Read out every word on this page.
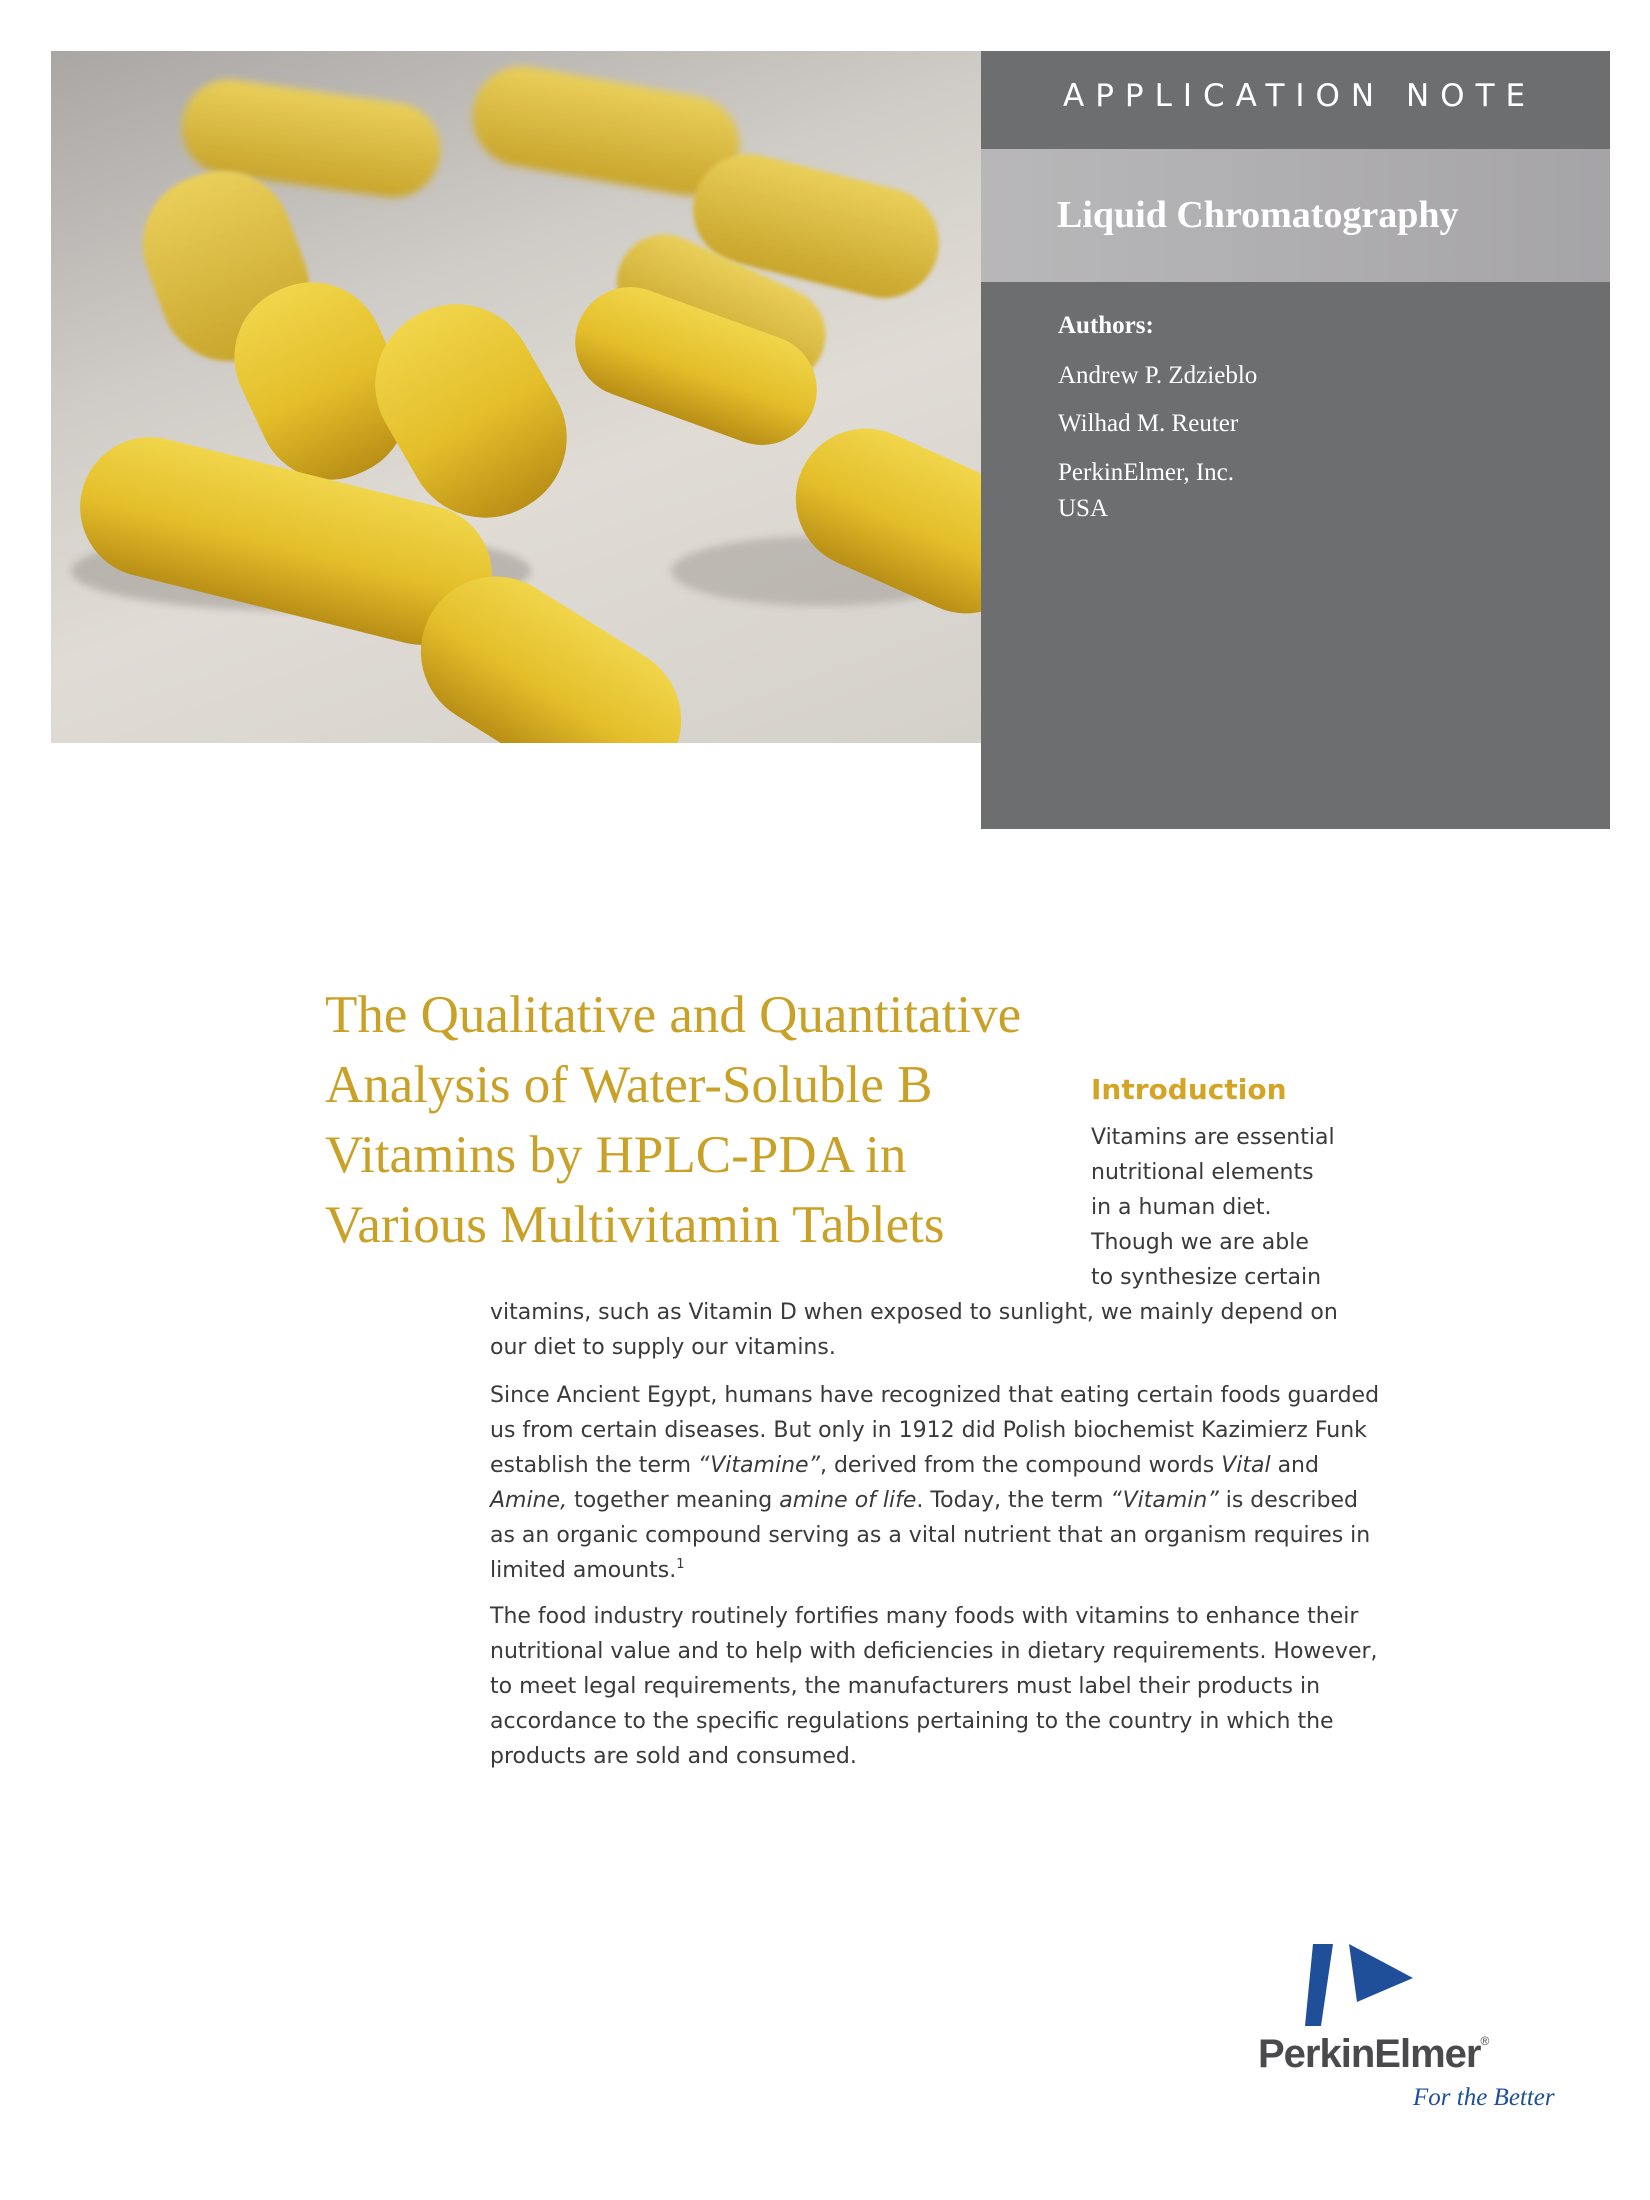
APPLICATION NOTE
Liquid Chromatography
Authors:
Andrew P. Zdzieblo
Wilhad M. Reuter
PerkinElmer, Inc.
USA
The Qualitative and Quantitative
Analysis of Water-Soluble B
Vitamins by HPLC-PDA in
Various Multivitamin Tablets
Introduction
Vitamins are essential
nutritional elements
in a human diet.
Though we are able
to synthesize certain

vitamins, such as Vitamin D when exposed to sunlight, we mainly depend on
our diet to supply our vitamins.

Since Ancient Egypt, humans have recognized that eating certain foods guarded
us from certain diseases. But only in 1912 did Polish biochemist Kazimierz Funk
establish the term “Vitamine”, derived from the compound words Vital and
Amine, together meaning amine of life. Today, the term “Vitamin” is described
as an organic compound serving as a vital nutrient that an organism requires in
limited amounts.$^1$

The food industry routinely fortifies many foods with vitamins to enhance their
nutritional value and to help with deficiencies in dietary requirements. However,
to meet legal requirements, the manufacturers must label their products in
accordance to the specific regulations pertaining to the country in which the
products are sold and consumed.

PerkinElmer®
For the Better
